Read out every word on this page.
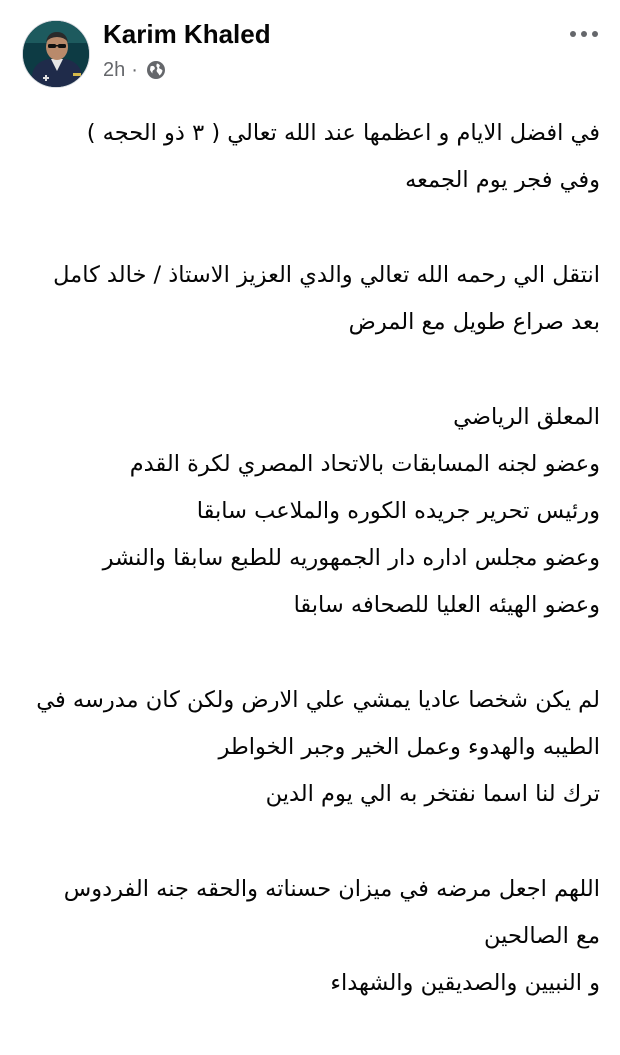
Karim Khaled
2h ·
في افضل الايام و اعظمها عند الله تعالي ( ٣ ذو الحجه )
وفي فجر يوم الجمعه
انتقل الي رحمه الله تعالي والدي العزيز الاستاذ / خالد كامل
بعد صراع طويل مع المرض
المعلق الرياضي
وعضو لجنه المسابقات بالاتحاد المصري لكرة القدم
ورئيس تحرير جريده الكوره والملاعب سابقا
وعضو مجلس اداره دار الجمهوريه للطبع سابقا والنشر
وعضو الهيئه العليا للصحافه سابقا
لم يكن شخصا عاديا يمشي علي الارض ولكن كان مدرسه في
الطيبه والهدوء وعمل الخير وجبر الخواطر
ترك لنا اسما نفتخر به الي يوم الدين
اللهم اجعل مرضه في ميزان حسناته والحقه جنه الفردوس
مع الصالحين
و النبيين والصديقين والشهداء
